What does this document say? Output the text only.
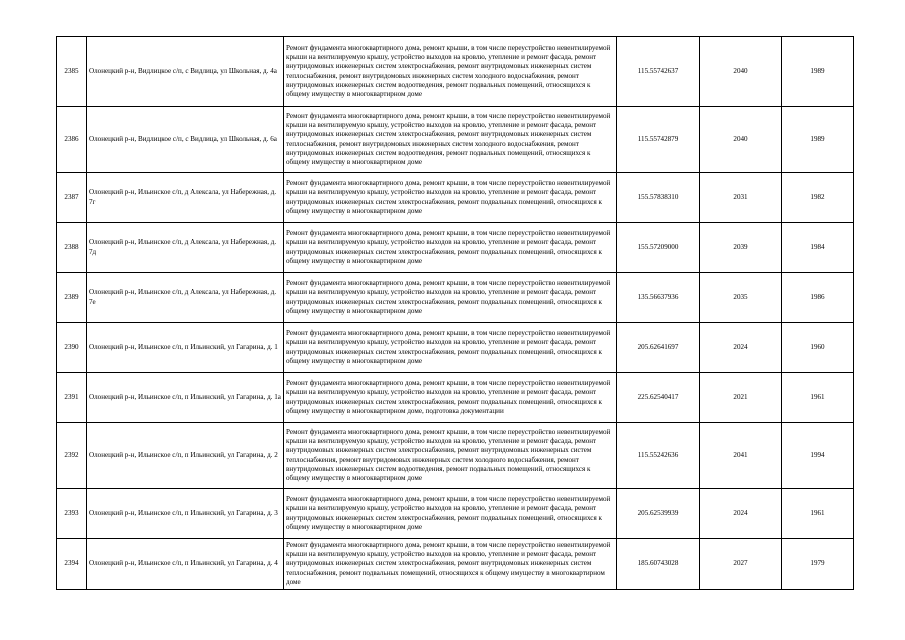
2385	Олонецкий р-н, Видлицкое с/п, с Видлица, ул Школьная, д. 4а	Ремонт фундамента многоквартирного дома, ремонт крыши, в том числе переустройство невентилируемой крыши на вентилируемую крышу, устройство выходов на кровлю, утепление и ремонт фасада, ремонт внутридомовых инженерных систем электроснабжения, ремонт внутридомовых инженерных систем теплоснабжения, ремонт внутридомовых инженерных систем холодного водоснабжения, ремонт внутридомовых инженерных систем водоотведения, ремонт подвальных помещений, относящихся к общему имуществу в многоквартирном доме	115.55742637	2040	1989
2386	Олонецкий р-н, Видлицкое с/п, с Видлица, ул Школьная, д. 6а	Ремонт фундамента многоквартирного дома, ремонт крыши, в том числе переустройство невентилируемой крыши на вентилируемую крышу, устройство выходов на кровлю, утепление и ремонт фасада, ремонт внутридомовых инженерных систем электроснабжения, ремонт внутридомовых инженерных систем теплоснабжения, ремонт внутридомовых инженерных систем холодного водоснабжения, ремонт внутридомовых инженерных систем водоотведения, ремонт подвальных помещений, относящихся к общему имуществу в многоквартирном доме	115.55742879	2040	1989
2387	Олонецкий р-н, Ильинское с/п, д Алексала, ул Набережная, д. 7г	Ремонт фундамента многоквартирного дома, ремонт крыши, в том числе переустройство невентилируемой крыши на вентилируемую крышу, устройство выходов на кровлю, утепление и ремонт фасада, ремонт внутридомовых инженерных систем электроснабжения, ремонт подвальных помещений, относящихся к общему имуществу в многоквартирном доме	155.57838310	2031	1982
2388	Олонецкий р-н, Ильинское с/п, д Алексала, ул Набережная, д. 7д	Ремонт фундамента многоквартирного дома, ремонт крыши, в том числе переустройство невентилируемой крыши на вентилируемую крышу, устройство выходов на кровлю, утепление и ремонт фасада, ремонт внутридомовых инженерных систем электроснабжения, ремонт подвальных помещений, относящихся к общему имуществу в многоквартирном доме	155.57209000	2039	1984
2389	Олонецкий р-н, Ильинское с/п, д Алексала, ул Набережная, д. 7е	Ремонт фундамента многоквартирного дома, ремонт крыши, в том числе переустройство невентилируемой крыши на вентилируемую крышу, устройство выходов на кровлю, утепление и ремонт фасада, ремонт внутридомовых инженерных систем электроснабжения, ремонт подвальных помещений, относящихся к общему имуществу в многоквартирном доме	135.56637936	2035	1986
2390	Олонецкий р-н, Ильинское с/п, п Ильинский, ул Гагарина, д. 1	Ремонт фундамента многоквартирного дома, ремонт крыши, в том числе переустройство невентилируемой крыши на вентилируемую крышу, устройство выходов на кровлю, утепление и ремонт фасада, ремонт внутридомовых инженерных систем электроснабжения, ремонт подвальных помещений, относящихся к общему имуществу в многоквартирном доме	205.62641697	2024	1960
2391	Олонецкий р-н, Ильинское с/п, п Ильинский, ул Гагарина, д. 1а	Ремонт фундамента многоквартирного дома, ремонт крыши, в том числе переустройство невентилируемой крыши на вентилируемую крышу, устройство выходов на кровлю, утепление и ремонт фасада, ремонт внутридомовых инженерных систем электроснабжения, ремонт подвальных помещений, относящихся к общему имуществу в многоквартирном доме, подготовка документации	225.62540417	2021	1961
2392	Олонецкий р-н, Ильинское с/п, п Ильинский, ул Гагарина, д. 2	Ремонт фундамента многоквартирного дома, ремонт крыши, в том числе переустройство невентилируемой крыши на вентилируемую крышу, устройство выходов на кровлю, утепление и ремонт фасада, ремонт внутридомовых инженерных систем электроснабжения, ремонт внутридомовых инженерных систем теплоснабжения, ремонт внутридомовых инженерных систем холодного водоснабжения, ремонт внутридомовых инженерных систем водоотведения, ремонт подвальных помещений, относящихся к общему имуществу в многоквартирном доме	115.55242636	2041	1994
2393	Олонецкий р-н, Ильинское с/п, п Ильинский, ул Гагарина, д. 3	Ремонт фундамента многоквартирного дома, ремонт крыши, в том числе переустройство невентилируемой крыши на вентилируемую крышу, устройство выходов на кровлю, утепление и ремонт фасада, ремонт внутридомовых инженерных систем электроснабжения, ремонт подвальных помещений, относящихся к общему имуществу в многоквартирном доме	205.62539939	2024	1961
2394	Олонецкий р-н, Ильинское с/п, п Ильинский, ул Гагарина, д. 4	Ремонт фундамента многоквартирного дома, ремонт крыши, в том числе переустройство невентилируемой крыши на вентилируемую крышу, устройство выходов на кровлю, утепление и ремонт фасада, ремонт внутридомовых инженерных систем электроснабжения, ремонт внутридомовых инженерных систем теплоснабжения, ремонт подвальных помещений, относящихся к общему имуществу в многоквартирном доме	185.60743028	2027	1979
